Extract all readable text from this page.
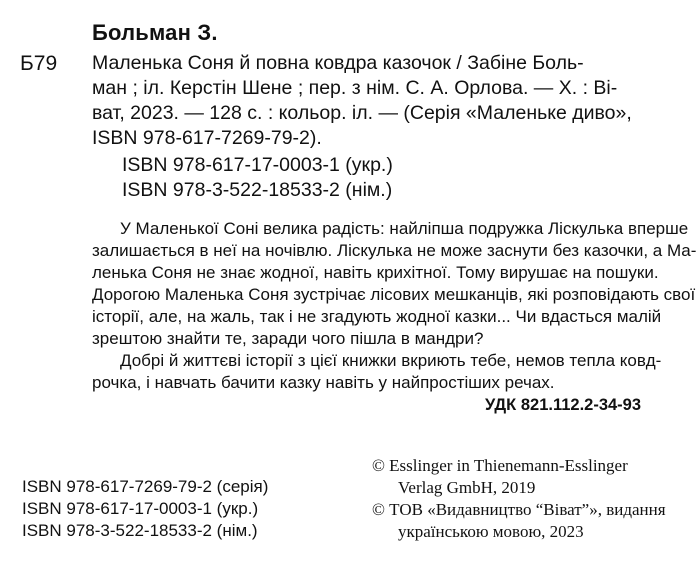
Больман З.
Б79 Маленька Соня й повна ковдра казочок / Забіне Боль-
ман ; іл. Керстін Шене ; пер. з нім. С. А. Орлова. — Х. : Ві-
ват, 2023. — 128 с. : кольор. іл. — (Серія «Маленьке диво»,
ISBN 978-617-7269-79-2).
ISBN 978-617-17-0003-1 (укр.)
ISBN 978-3-522-18533-2 (нім.)
У Маленької Соні велика радість: найліпша подружка Ліскулька вперше
залишається в неї на ночівлю. Ліскулька не може заснути без казочки, а Ма-
ленька Соня не знає жодної, навіть крихітної. Тому вирушає на пошуки.
Дорогою Маленька Соня зустрічає лісових мешканців, які розповідають свої
історії, але, на жаль, так і не згадують жодної казки... Чи вдасться малій
зрештою знайти те, заради чого пішла в мандри?
Добрі й життєві історії з цієї книжки вкриють тебе, немов тепла ковд-
рочка, і навчать бачити казку навіть у найпростіших речах.
УДК 821.112.2-34-93
ISBN 978-617-7269-79-2 (серія)
ISBN 978-617-17-0003-1 (укр.)
ISBN 978-3-522-18533-2 (нім.)
© Esslinger in Thienemann-Esslinger
Verlag GmbH, 2019
© ТОВ «Видавництво “Віват”», видання
українською мовою, 2023
